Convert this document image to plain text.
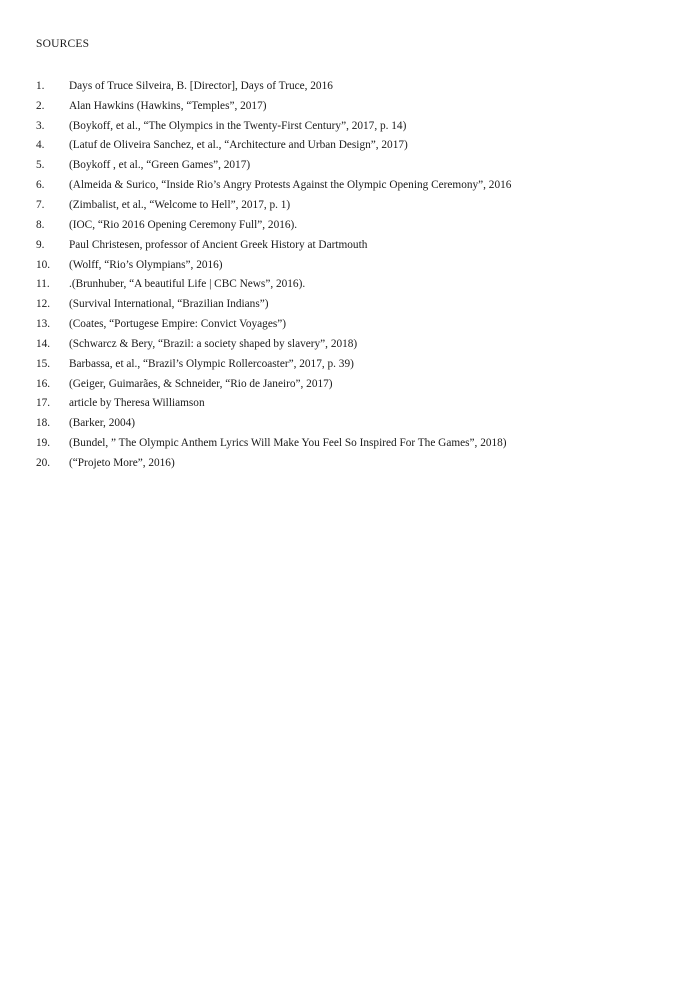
SOURCES
1.	Days of Truce Silveira, B. [Director], Days of Truce, 2016
2.	Alan Hawkins (Hawkins, “Temples”, 2017)
3.	(Boykoff, et al., “The Olympics in the Twenty-First Century”, 2017, p. 14)
4.	(Latuf de Oliveira Sanchez, et al., “Architecture and Urban Design”, 2017)
5.	(Boykoff , et al., “Green Games”, 2017)
6.	(Almeida & Surico, “Inside Rio’s Angry Protests Against the Olympic Opening Ceremony”, 2016
7.	(Zimbalist, et al., “Welcome to Hell”, 2017, p. 1)
8.	(IOC, “Rio 2016 Opening Ceremony Full”, 2016).
9.	Paul Christesen, professor of Ancient Greek History at Dartmouth
10.	(Wolff, “Rio’s Olympians”, 2016)
11.	.(Brunhuber, “A beautiful Life | CBC News”, 2016).
12.	(Survival International, “Brazilian Indians”)
13.	(Coates, “Portugese Empire: Convict Voyages”)
14.	(Schwarcz & Bery, “Brazil: a society shaped by slavery”, 2018)
15.	Barbassa, et al., “Brazil’s Olympic Rollercoaster”, 2017, p. 39)
16.	(Geiger, Guimarães, & Schneider, “Rio de Janeiro”, 2017)
17.	article by Theresa Williamson
18.	(Barker, 2004)
19.	(Bundel, ” The Olympic Anthem Lyrics Will Make You Feel So Inspired For The Games”, 2018)
20.	(“Projeto More”, 2016)
